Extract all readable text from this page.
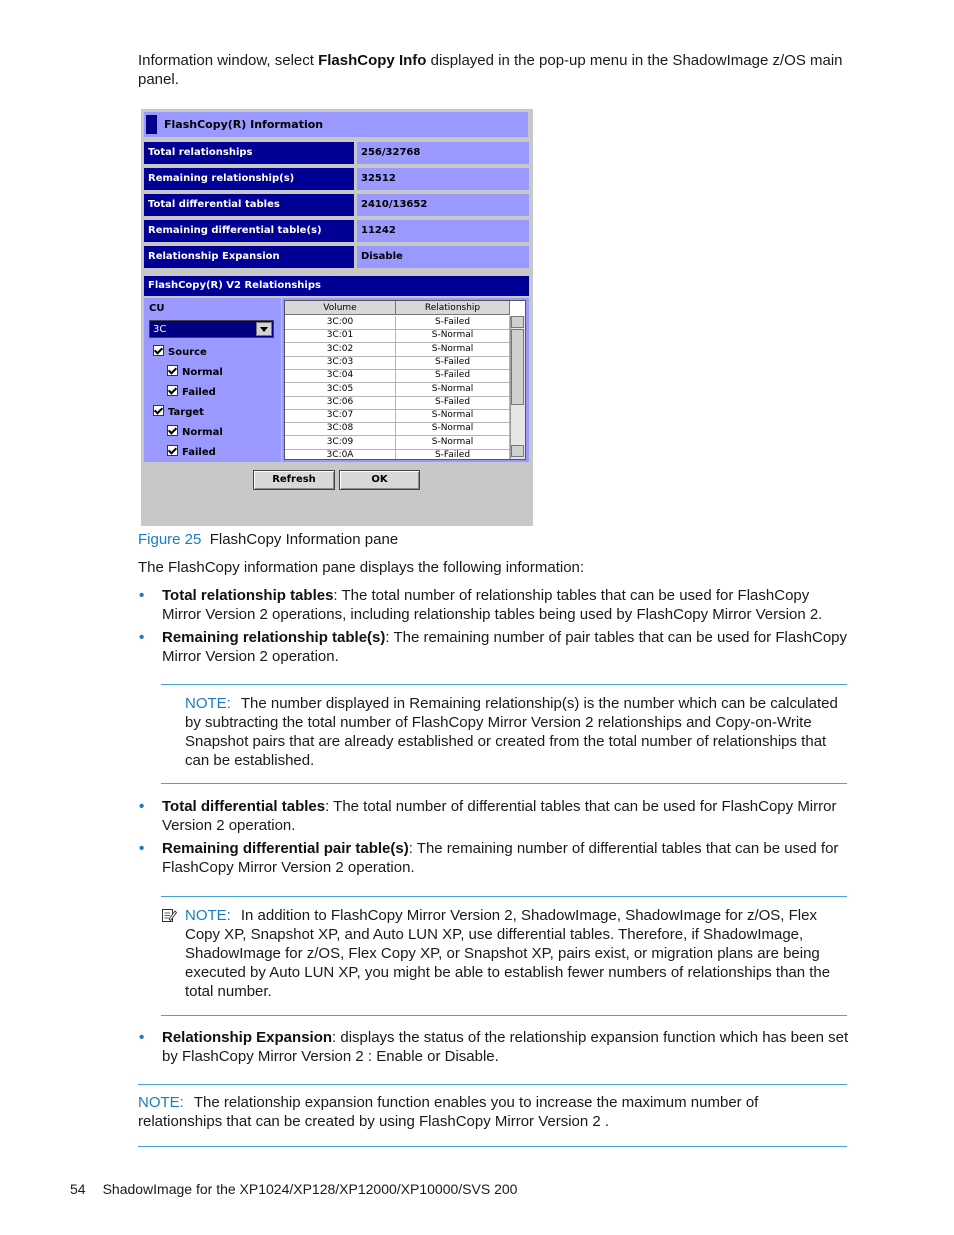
Information window, select FlashCopy Info displayed in the pop-up menu in the ShadowImage z/OS main panel.
FlashCopy(R) Information
Total relationships	256/32768
Remaining relationship(s)	32512
Total differential tables	2410/13652
Remaining differential table(s)	11242
Relationship Expansion	Disable
FlashCopy(R) V2 Relationships
CU
3C
Source
Normal
Failed
Target
Normal
Failed
Volume	Relationship
3C:00	S-Failed
3C:01	S-Normal
3C:02	S-Normal
3C:03	S-Failed
3C:04	S-Failed
3C:05	S-Normal
3C:06	S-Failed
3C:07	S-Normal
3C:08	S-Normal
3C:09	S-Normal
3C:0A	S-Failed
Refresh	OK
Figure 25 FlashCopy Information pane
The FlashCopy information pane displays the following information:
• Total relationship tables: The total number of relationship tables that can be used for FlashCopy Mirror Version 2 operations, including relationship tables being used by FlashCopy Mirror Version 2.
• Remaining relationship table(s): The remaining number of pair tables that can be used for FlashCopy Mirror Version 2 operation.
NOTE: The number displayed in Remaining relationship(s) is the number which can be calculated by subtracting the total number of FlashCopy Mirror Version 2 relationships and Copy-on-Write Snapshot pairs that are already established or created from the total number of relationships that can be established.
• Total differential tables: The total number of differential tables that can be used for FlashCopy Mirror Version 2 operation.
• Remaining differential pair table(s): The remaining number of differential tables that can be used for FlashCopy Mirror Version 2 operation.
NOTE: In addition to FlashCopy Mirror Version 2, ShadowImage, ShadowImage for z/OS, Flex Copy XP, Snapshot XP, and Auto LUN XP, use differential tables. Therefore, if ShadowImage, ShadowImage for z/OS, Flex Copy XP, or Snapshot XP, pairs exist, or migration plans are being executed by Auto LUN XP, you might be able to establish fewer numbers of relationships than the total number.
• Relationship Expansion: displays the status of the relationship expansion function which has been set by FlashCopy Mirror Version 2 : Enable or Disable.
NOTE: The relationship expansion function enables you to increase the maximum number of relationships that can be created by using FlashCopy Mirror Version 2 .
54 ShadowImage for the XP1024/XP128/XP12000/XP10000/SVS 200
